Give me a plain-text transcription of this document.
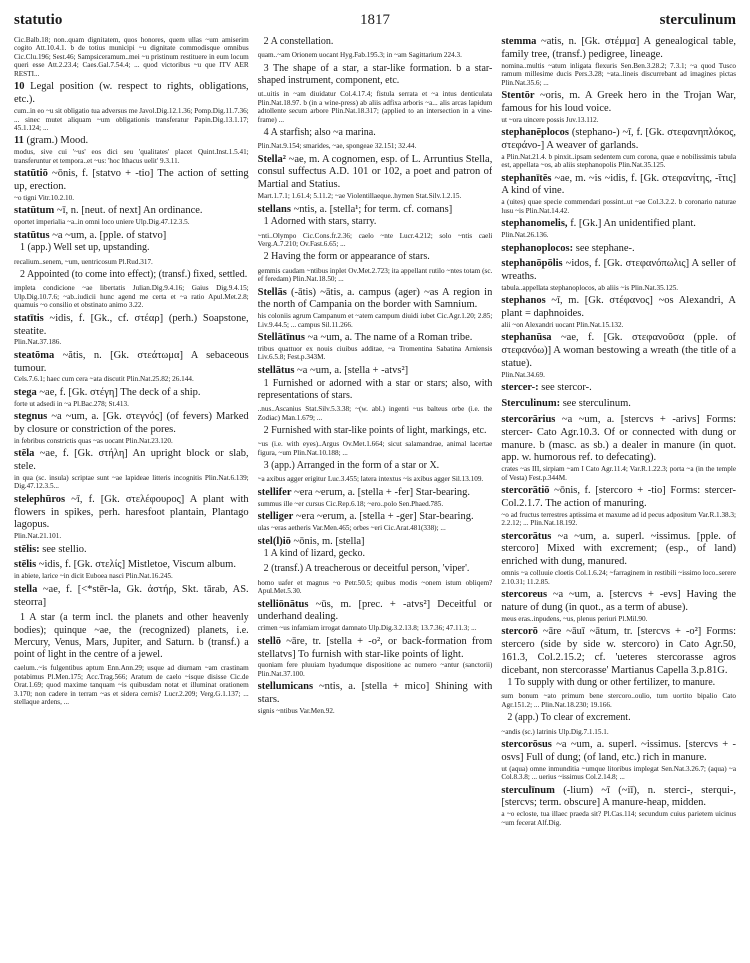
statutio	1817	sterculinum
Cic.Balb.18; non..quam dignitatem, quos honores, quem ullas ~um amiserim cogito Att.10.4.1. b de totius municipi ~u dignitate commodisque omnibus Cic.Clu.196; Sest.46; Sampsiceramum..mei ~u pristinum restituere in eum locum queri esse Att.2.23.4; Caes.Gal.7.54.4; ... quod victoribus ~u que ITV AER RESTI...
10 Legal position (w. respect to rights, obligations, etc.).
cum..in eo ~u sit obligatio tua adversus me Javol.Dig.12.1.36; Pomp.Dig.11.7.36; ... sinec mutet aliquam ~um obligationis transferatur Papin.Dig.13.1.17; 45.1.124; ...
11 (gram.) Mood.
modus, sive cui '~us' eos dici seu 'qualitates' placet Quint.Inst.1.5.41; transferuntur et tempora..et ~us: 'hoc Ithacus uelit' 9.3.11.
statūtiō ~ōnis, f. [statvo + -tio] The action of setting up, erection.
~o tigni Vitr.10.2.10.
statūtum ~ī, n. [neut. of next] An ordinance.
oportet imperialia ~a..in omni loco uniere Ulp.Dig.47.12.3.5.
statūtus ~a ~um, a. [pple. of statvo]
1 (app.) Well set up, upstanding.
recalium..senem, ~um, uentricosum Pl.Rud.317.
2 Appointed (to come into effect); (transf.) fixed, settled.
impleta condicione ~ae libertatis Julian.Dig.9.4.16; Gaius Dig.9.4.15; Ulp.Dig.10.7.6; ~ab..iudicii hunc agend me certa et ~a ratio Apul.Met.2.8; quamuis ~o consilio et obstinato animo 3.22.
statītis ~idis, f. [Gk., cf. στέαρ] (perh.) Soapstone, steatite.
Plin.Nat.37.186.
steatōma ~ătis, n. [Gk. στεάτωμα] A sebaceous tumour.
Cels.7.6.1; haec cum cera ~ata discutit Plin.Nat.25.82; 26.144.
stega ~ae, f. [Gk. στέγη] The deck of a ship.
forte ut adsedi in ~a Pl.Bac.278; St.413.
stegnus ~a ~um, a. [Gk. στεγνός] (of fevers) Marked by closure or constriction of the pores.
in febribus constrictis quas ~as uocant Plin.Nat.23.120.
stēla ~ae, f. [Gk. στήλη] An upright block or slab, stele.
in qua (sc. insula) scriptae sunt ~ae lapideae litteris incognitis Plin.Nat.6.139; Dig.47.12.3.5...
stelephūros ~ī, f. [Gk. στελέφουρος] A plant with flowers in spikes, perh. haresfoot plantain, Plantago lagopus.
Plin.Nat.21.101.
stēlis: see stellio.
stēlis ~idis, f. [Gk. στελίς] Mistletoe, Viscum album.
in abiete, larice ~in dicit Euboea nasci Plin.Nat.16.245.
stella ~ae, f. [<*stēr-la, Gk. ἀστήρ, Skt. tārab, AS. steorra]
1 A star (a term incl. the planets and other heavenly bodies); quinque ~ae, the (recognized) planets, i.e. Mercury, Venus, Mars, Jupiter, and Saturn. b (transf.) a point of light in the centre of a jewel.
caelum..~is fulgentibus aptum Enn.Ann.29; usque ad diurnam ~am crastinam potabimus Pl.Men.175; Acc.Trag.566; Aratum de caelo ~isque disisse Cic.de Orat.1.69; quod maxime tanquam ~is quibusdam notat et illuminat orationem 3.170; non cadere in terram ~as et sidera cernis? Lucr.2.209; Verg.G.1.137; ... stellaque ardens, ...
2 A constellation.
quam..~am Orionem uocant Hyg.Fab.195.3; in ~am Sagittarium 224.3.
3 The shape of a star, a star-like formation. b a star-shaped instrument, component, etc.
ut..uitis in ~am diuidatur Col.4.17.4; fistula serrata et ~a intus denticulata Plin.Nat.18.97. b (in a wine-press) ab aliis adfixa arboris ~a... alis arcas lapidum adtollente secum arbore Plin.Nat.18.317; (applied to an intersection in a vine-frame) ...
4 A starfish; also ~a marina.
Plin.Nat.9.154; smarides, ~ae, spongeae 32.151; 32.44.
Stella² ~ae, m. A cognomen, esp. of L. Arruntius Stella, consul suffectus A.D. 101 or 102, a poet and patron of Martial and Statius.
Mart.1.7.1; 1.61.4; 5.11.2; ~ae Violentillaeque..hymen Stat.Silv.1.2.15.
stellans ~ntis, a. [stella¹; for term. cf. comans]
1 Adorned with stars, starry.
~nti..Olympo Cic.Cons.fr.2.36; caelo ~nte Lucr.4.212; solo ~ntis caeli Verg.A.7.210; Ov.Fast.6.65; ...
2 Having the form or appearance of stars.
gemmis caudam ~ntibus inplet Ov.Met.2.723; ita appellant rutilo ~ntes totam (sc. ef feredam) Plin.Nat.18.50; ...
Stellās (-ātis) ~ātis, a. campus (ager) ~as A region in the north of Campania on the border with Samnium.
his coloniis agrum Campanum et ~atem campum diuidi iubet Cic.Agr.1.20; 2.85; Liv.9.44.5; ... campus Sil.11.266.
Stellātīnus ~a ~um, a. The name of a Roman tribe.
tribus quattuor ex nouis ciuibus additae, ~a Tromentina Sabatina Arniensis Liv.6.5.8; Fest.p.343M.
stellātus ~a ~um, a. [stella + -atvs²]
1 Furnished or adorned with a star or stars; also, with representations of stars.
..nus..Ascanius Stat.Silv.5.3.38; ~(w. abl.) ingenti ~us balteus orbe (i.e. the Zodiac) Man.1.679; ...
2 Furnished with star-like points of light, markings, etc.
~us (i.e. with eyes)..Argus Ov.Met.1.664; sicut salamandrae, animal lacertae figura, ~um Plin.Nat.10.188; ...
3 (app.) Arranged in the form of a star or X.
~a axibus agger erigitur Luc.3.455; latera intextus ~is axibus agger Sil.13.109.
stellifer ~era ~erum, a. [stella + -fer] Star-bearing.
summus ille ~er cursus Cic.Rep.6.18; ~ero..polo Sen.Phaed.785.
stelliger ~era ~erum, a. [stella + -ger] Star-bearing.
ulas ~eras aetheris Var.Men.465; orbes ~eri Cic.Arat.481(338); ...
stel(l)iō ~ōnis, m. [stella]
1 A kind of lizard, gecko.
2 (transf.) A treacherous or deceitful person, 'viper'.
homo uafer et magnus ~o Petr.50.5; quibus modis ~onem istum obliqem? Apul.Met.5.30.
stelliōnātus ~ūs, m. [prec. + -atvs²] Deceitful or underhand dealing.
crimen ~us infamiam irrogat damnato Ulp.Dig.3.2.13.8; 13.7.36; 47.11.3; ...
stellō ~āre, tr. [stella + -o², or back-formation from stellatvs] To furnish with star-like points of light.
quoniam fere pluuiam hyadumque dispositione ac numero ~antur (sanctorii) Plin.Nat.37.100.
stellumicans ~ntis, a. [stella + mico] Shining with stars.
signis ~ntibus Var.Men.92.
stemma ~atis, n. [Gk. στέμμα] A genealogical table, family tree, (transf.) pedigree, lineage.
nomina..multis ~atum inligata flexuris Sen.Ben.3.28.2; 7.3.1; ~a quod Tusco ramum millesime ducis Pers.3.28; ~ata..lineis discurrebant ad imagines pictas Plin.Nat.35.6; ...
Stentōr ~oris, m. A Greek hero in the Trojan War, famous for his loud voice.
ut ~ora uincere possis Juv.13.112.
stephanēplocos (stephano-) ~ī, f. [Gk. στεφανηπλόκος, στεφάνο-] A weaver of garlands.
a Plin.Nat.21.4. b pinxit..ipsam sedentem cum corona, quae e nobilissimis tabula est, appellata ~os, ab aliis stephanopolis Plin.Nat.35.125.
stephanītēs ~ae, m. ~is ~idis, f. [Gk. στεφανίτης, -ῖτις] A kind of vine.
a (uites) quae specie commendari possint..ut ~ae Col.3.2.2. b coronario naturae lusu ~is Plin.Nat.14.42.
stephanomelis, f. [Gk.] An unidentified plant.
Plin.Nat.26.136.
stephanoplocos: see stephane-.
stephanōpōlis ~idos, f. [Gk. στεφανόπωλις] A seller of wreaths.
tabula..appellata stephanoplocos, ab aliis ~is Plin.Nat.35.125.
stephanos ~ī, m. [Gk. στέφανος] ~os Alexandri, A plant = daphnoides.
alii ~on Alexandri uocant Plin.Nat.15.132.
stephanūsa ~ae, f. [Gk. στεφανοῦσα (pple. of στεφανόω)] A woman bestowing a wreath (the title of a statue).
Plin.Nat.34.69.
stercer-: see stercor-.
Sterculinum: see sterculinum.
stercorārius ~a ~um, a. [stercvs + -arivs] Forms: stercer- Cato Agr.10.3. Of or connected with dung or manure. b (masc. as sb.) a dealer in manure (in quot. app. w. humorous ref. to defecating).
crates ~as III, sirpiam ~am I Cato Agr.11.4; Var.R.1.22.3; porta ~a (in the temple of Vesta) Fest.p.344M.
stercorātiō ~ōnis, f. [stercoro + -tio] Forms: stercer- Col.2.1.7. The action of manuring.
~o ad fructus terrestres aptissima et maxume ad id pecus adpositum Var.R.1.38.3; 2.2.12; ... Plin.Nat.18.192.
stercorātus ~a ~um, a. superl. ~issimus. [pple. of stercoro] Mixed with excrement; (esp., of land) enriched with dung, manured.
omnis ~a colluuie cloetis Col.1.6.24; ~farraginem in restibili ~issimo loco..serere 2.10.31; 11.2.85.
stercoreus ~a ~um, a. [stercvs + -evs] Having the nature of dung (in quot., as a term of abuse).
meus eras..inpudens, ~us, plenus periuri Pl.Mil.90.
stercorō ~āre ~āuī ~ātum, tr. [stercvs + -o²] Forms: stercero (side by side w. stercoro) in Cato Agr.50, 161.3, Col.2.15.2; cf. 'ueteres stercorasse agros dicebant, non stercorasse' Martianus Capella 3.p.81G.
1 To supply with dung or other fertilizer, to manure.
sum bonum ~ato primum bene stercoro..oulio, tum uortito bipalio Cato Agr.151.2; ... Plin.Nat.18.230; 19.166.
2 (app.) To clear of excrement.
~andis (sc.) latrinis Ulp.Dig.7.1.15.1.
stercorōsus ~a ~um, a. superl. ~issimus. [stercvs + -osvs] Full of dung; (of land, etc.) rich in manure.
ut (aqua) omne inmunditia ~umque litoribus implegat Sen.Nat.3.26.7; (aqua) ~a Col.8.3.8; ... uerius ~issimus Col.2.14.8; ...
sterculīnum (-lium) ~ī (~iī), n. sterci-, sterqui-, [stercvs; term. obscure] A manure-heap, midden.
a ~o ecloste, tua illaec praeda sit? Pl.Cas.114; secundum cuius parietem uicinus ~um fecerat Alf.Dig.
